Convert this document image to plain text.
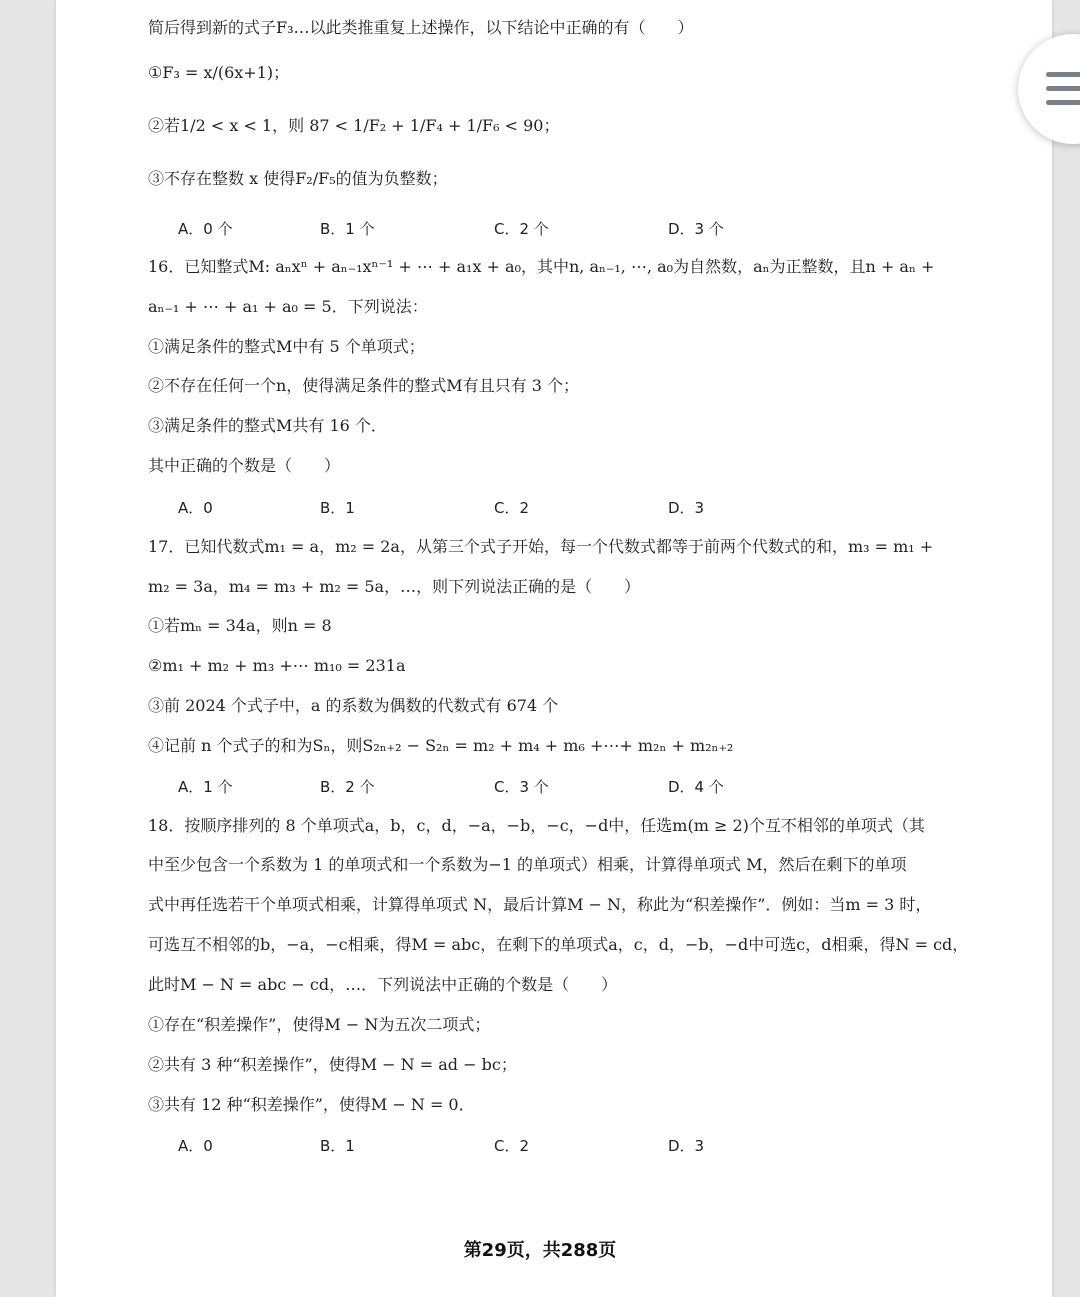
简后得到新的式子F₃…以此类推重复上述操作，以下结论中正确的有（　　）
①F₃ = x/(6x+1)；
②若1/2 < x < 1，则 87 < 1/F₂ + 1/F₄ + 1/F₆ < 90；
③不存在整数 x 使得F₂/F₅的值为负整数；
A．0 个	B．1 个	C．2 个	D．3 个
16．已知整式M: aₙxⁿ + aₙ₋₁xⁿ⁻¹ + ⋯ + a₁x + a₀，其中n, aₙ₋₁, ⋯, a₀为自然数，aₙ为正整数，且n + aₙ +
aₙ₋₁ + ⋯ + a₁ + a₀ = 5．下列说法：
①满足条件的整式M中有 5 个单项式；
②不存在任何一个n，使得满足条件的整式M有且只有 3 个；
③满足条件的整式M共有 16 个．
其中正确的个数是（　　）
A．0	B．1	C．2	D．3
17．已知代数式m₁ = a，m₂ = 2a，从第三个式子开始，每一个代数式都等于前两个代数式的和，m₃ = m₁ +
m₂ = 3a，m₄ = m₃ + m₂ = 5a，…，则下列说法正确的是（　　）
①若mₙ = 34a，则n = 8
②m₁ + m₂ + m₃ +⋯ m₁₀ = 231a
③前 2024 个式子中，a 的系数为偶数的代数式有 674 个
④记前 n 个式子的和为Sₙ，则S₂ₙ₊₂ − S₂ₙ = m₂ + m₄ + m₆ +⋯+ m₂ₙ + m₂ₙ₊₂
A．1 个	B．2 个	C．3 个	D．4 个
18．按顺序排列的 8 个单项式a，b，c，d，−a，−b，−c，−d中，任选m(m ≥ 2)个互不相邻的单项式（其
中至少包含一个系数为 1 的单项式和一个系数为−1 的单项式）相乘，计算得单项式 M，然后在剩下的单项
式中再任选若干个单项式相乘，计算得单项式 N，最后计算M − N，称此为“积差操作”．例如：当m = 3 时，
可选互不相邻的b，−a，−c相乘，得M = abc，在剩下的单项式a，c，d，−b，−d中可选c，d相乘，得N = cd，
此时M − N = abc − cd，…．下列说法中正确的个数是（　　）
①存在“积差操作”，使得M − N为五次二项式；
②共有 3 种“积差操作”，使得M − N = ad − bc；
③共有 12 种“积差操作”，使得M − N = 0．
A．0	B．1	C．2	D．3
第29页，共288页
